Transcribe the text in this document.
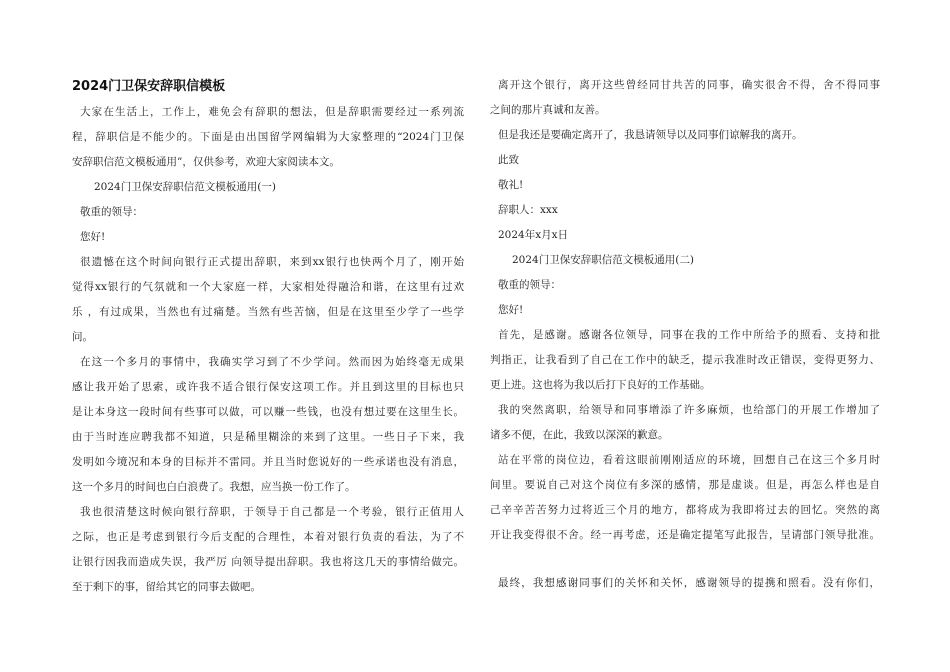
2024门卫保安辞职信模板
大家在生活上，工作上，难免会有辞职的想法，但是辞职需要经过一系列流
程，辞职信是不能少的。下面是由出国留学网编辑为大家整理的“2024门卫保
安辞职信范文模板通用”，仅供参考，欢迎大家阅读本文。
2024门卫保安辞职信范文模板通用(一)
敬重的领导：
您好!
很遗憾在这个时间向银行正式提出辞职，来到xx银行也快两个月了，刚开始
觉得xx银行的气氛就和一个大家庭一样，大家相处得融洽和谐，在这里有过欢
乐 ，有过成果，当然也有过痛楚。当然有些苦恼，但是在这里至少学了一些学
问。
在这一个多月的事情中，我确实学习到了不少学问。然而因为始终毫无成果
感让我开始了思索，或许我不适合银行保安这项工作。并且到这里的目标也只
是让本身这一段时间有些事可以做，可以赚一些钱，也没有想过要在这里生长。
由于当时连应聘我都不知道，只是稀里糊涂的来到了这里。一些日子下来，我
发明如今境况和本身的目标并不雷同。并且当时您说好的一些承诺也没有消息，
这一个多月的时间也白白浪费了。我想，应当换一份工作了。
我也很清楚这时候向银行辞职，于领导于自己都是一个考验，银行正值用人
之际，也正是考虑到银行今后支配的合理性，本着对银行负责的看法，为了不
让银行因我而造成失误，我严厉 向领导提出辞职。我也将这几天的事情给做完。
至于剩下的事，留给其它的同事去做吧。
离开这个银行，离开这些曾经同甘共苦的同事，确实很舍不得，舍不得同事
之间的那片真诚和友善。
但是我还是要确定离开了，我恳请领导以及同事们谅解我的离开。
此致
敬礼!
辞职人：xxx
2024年x月x日
2024门卫保安辞职信范文模板通用(二)
敬重的领导：
您好!
首先，是感谢。感谢各位领导，同事在我的工作中所给予的照看、支持和批
判指正，让我看到了自己在工作中的缺乏，提示我准时改正错误，变得更努力、
更上进。这也将为我以后打下良好的工作基础。
我的突然离职，给领导和同事增添了许多麻烦，也给部门的开展工作增加了
诸多不便，在此，我致以深深的歉意。
站在平常的岗位边，看着这眼前刚刚适应的环境，回想自己在这三个多月时
间里。要说自己对这个岗位有多深的感情，那是虚谈。但是，再怎么样也是自
己辛辛苦苦努力过将近三个月的地方，都将成为我即将过去的回忆。突然的离
开让我变得很不舍。经一再考虑，还是确定提笔写此报告，呈请部门领导批准。
最终，我想感谢同事们的关怀和关怀，感谢领导的提携和照看。没有你们，
